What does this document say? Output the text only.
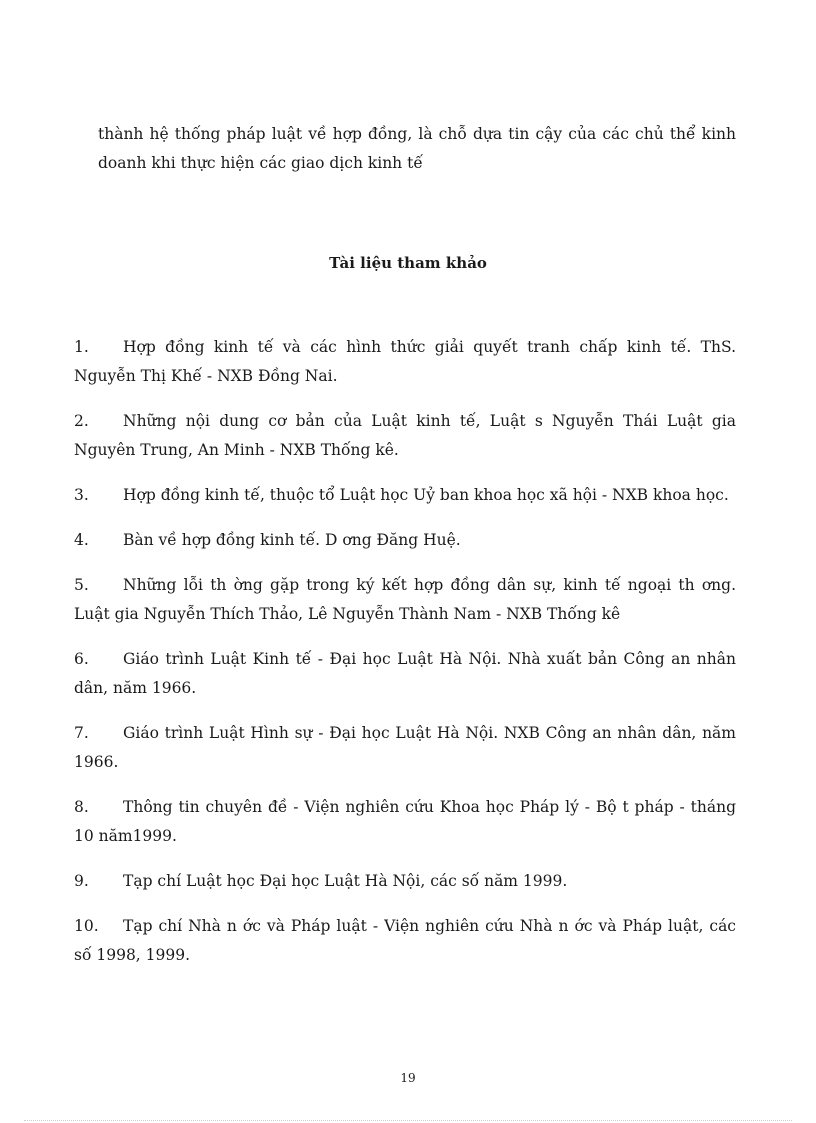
thành hệ thống pháp luật về hợp đồng, là chỗ dựa tin cậy của các chủ thể kinh doanh khi thực hiện các giao dịch kinh tế

Tài liệu tham khảo
1. Hợp đồng kinh tế và các hình thức giải quyết tranh chấp kinh tế. ThS. Nguyễn Thị Khế - NXB Đồng Nai.
2. Những nội dung cơ bản của Luật kinh tế, Luật s Nguyễn Thái Luật gia Nguyên Trung, An Minh - NXB Thống kê.
3. Hợp đồng kinh tế, thuộc tổ Luật học Uỷ ban khoa học xã hội - NXB khoa học.
4. Bàn về hợp đồng kinh tế. D ơng Đăng Huệ.
5. Những lỗi th ờng gặp trong ký kết hợp đồng dân sự, kinh tế ngoại th ơng. Luật gia Nguyễn Thích Thảo, Lê Nguyễn Thành Nam - NXB Thống kê
6. Giáo trình Luật Kinh tế - Đại học Luật Hà Nội. Nhà xuất bản Công an nhân dân, năm 1966.
7. Giáo trình Luật Hình sự - Đại học Luật Hà Nội. NXB Công an nhân dân, năm 1966.
8. Thông tin chuyên đề - Viện nghiên cứu Khoa học Pháp lý - Bộ t pháp - tháng 10 năm1999.
9. Tạp chí Luật học Đại học Luật Hà Nội, các số năm 1999.
10. Tạp chí Nhà n ớc và Pháp luật - Viện nghiên cứu Nhà n ớc và Pháp luật, các số 1998, 1999.
19
